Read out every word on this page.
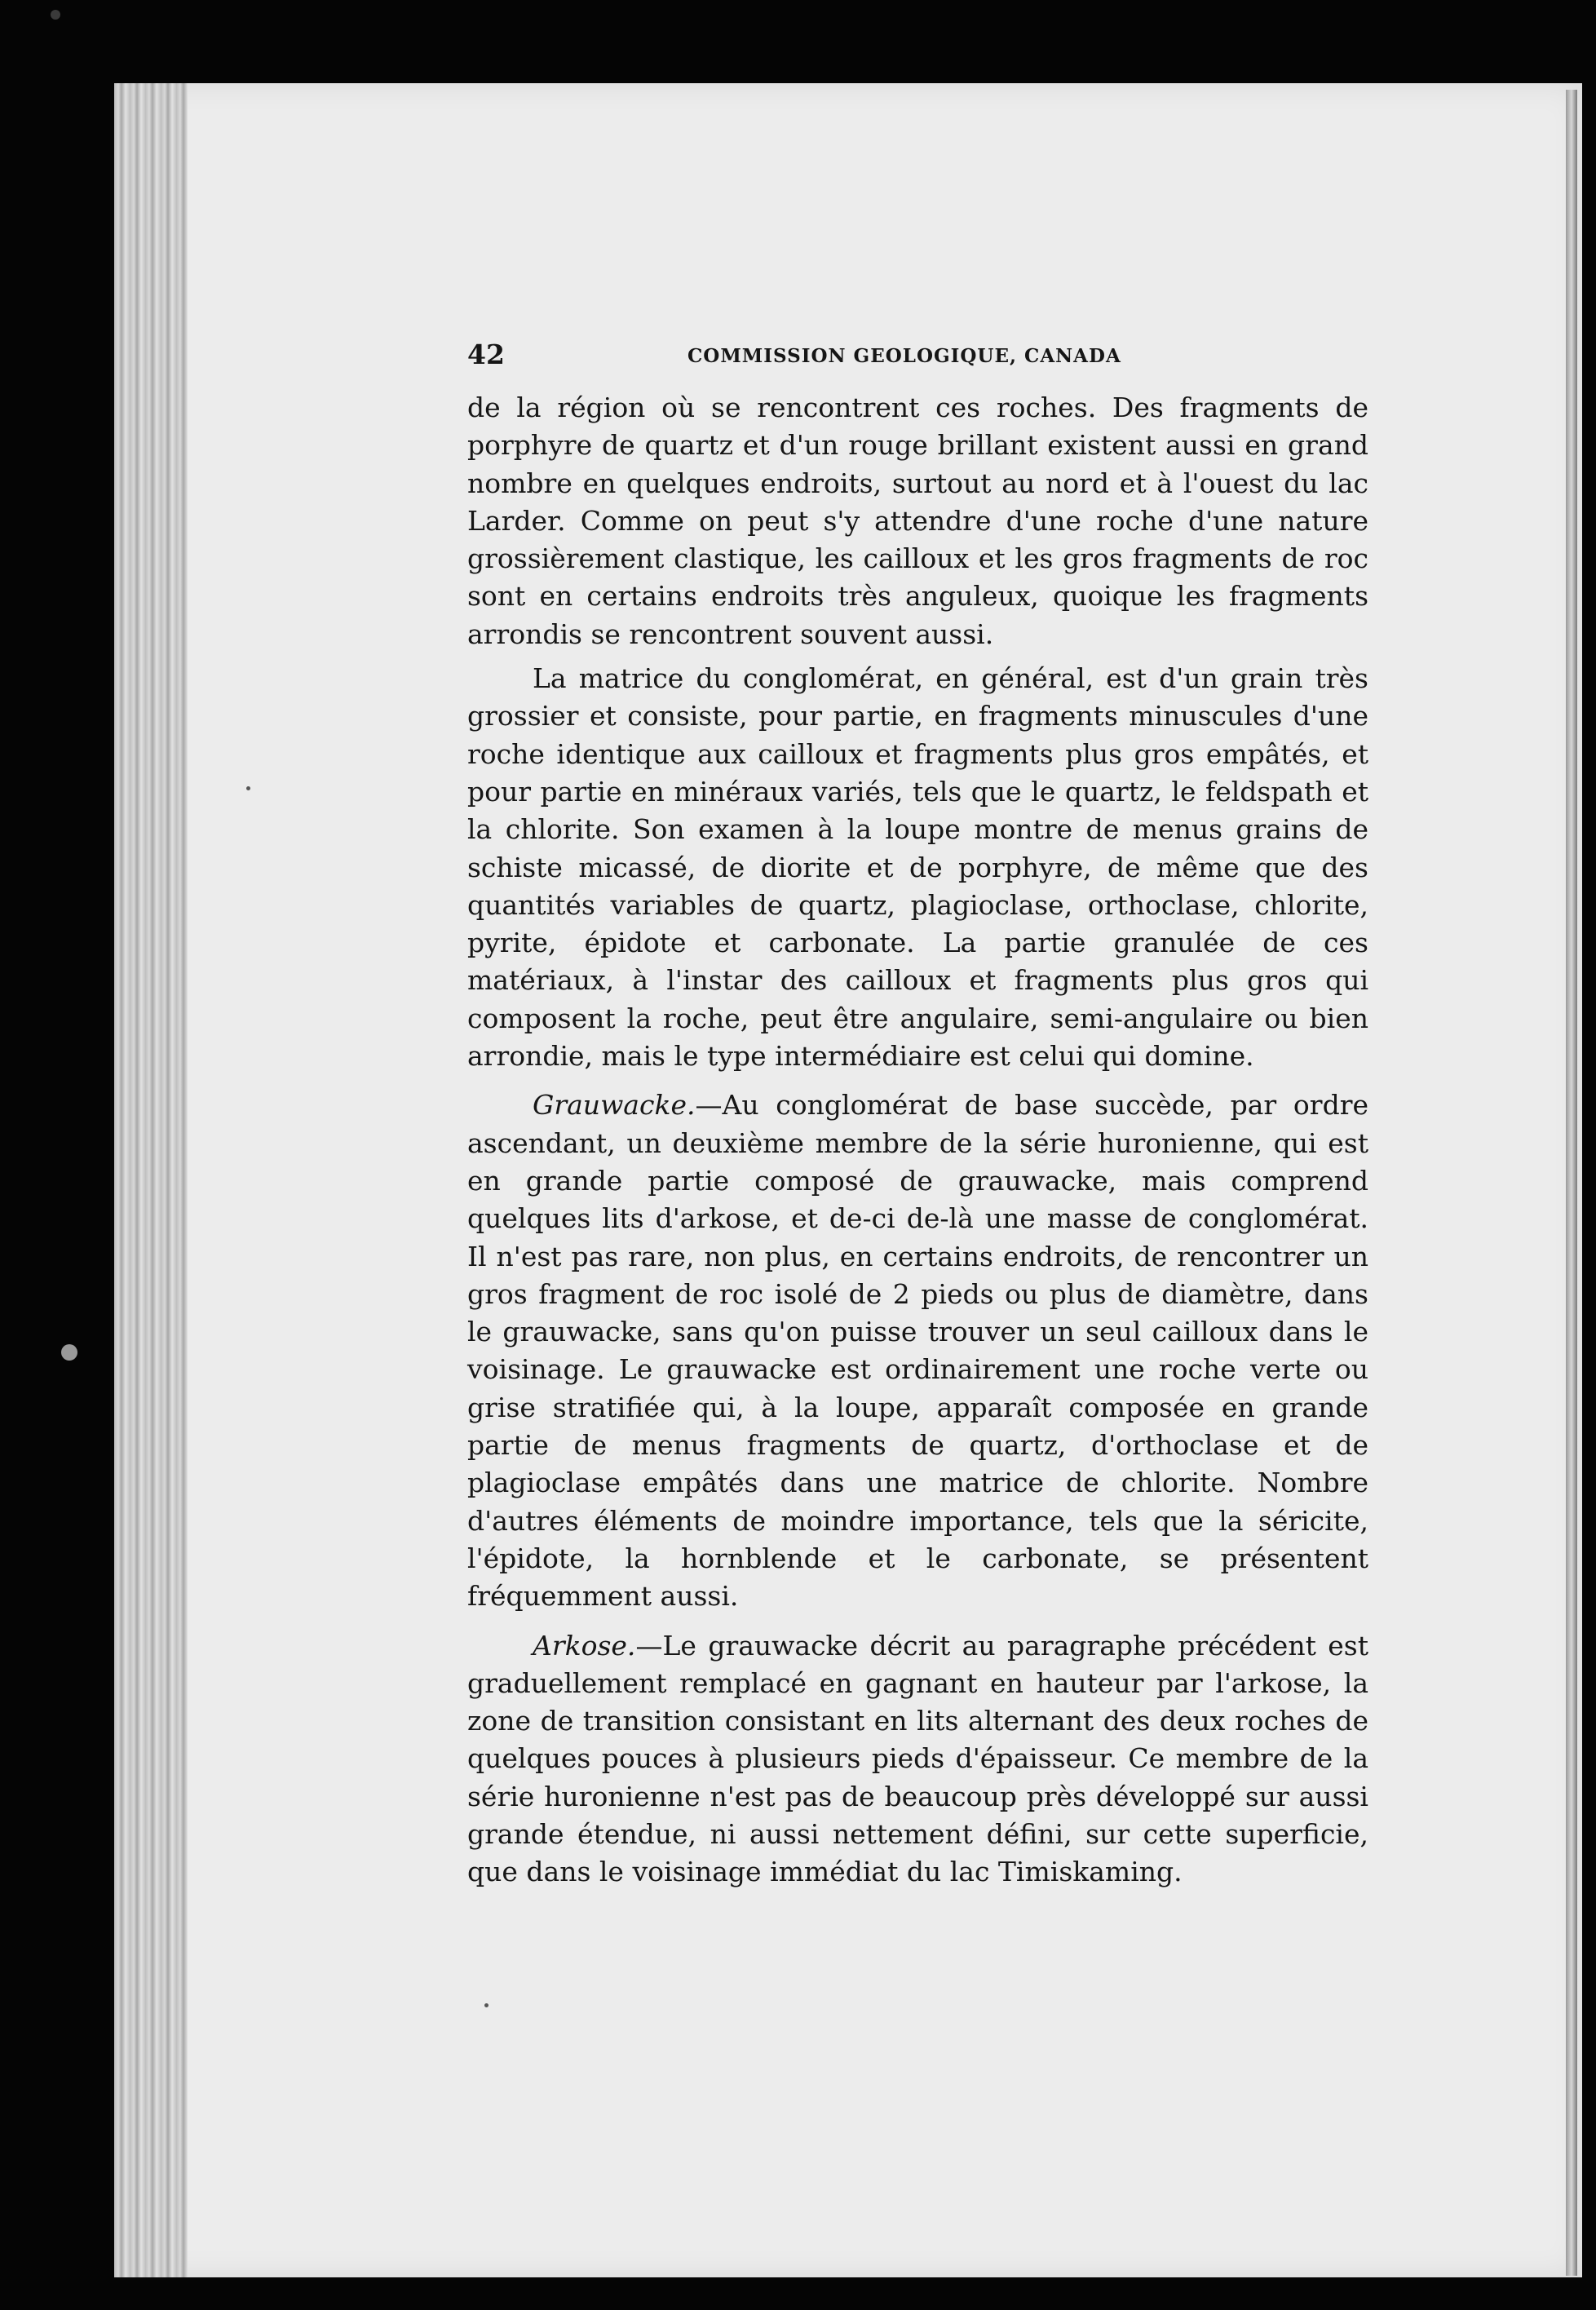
42	COMMISSION GEOLOGIQUE, CANADA

de la région où se rencontrent ces roches. Des fragments de porphyre de quartz et d'un rouge brillant existent aussi en grand nombre en quelques endroits, surtout au nord et à l'ouest du lac Larder. Comme on peut s'y attendre d'une roche d'une nature grossièrement clastique, les cailloux et les gros fragments de roc sont en certains endroits très anguleux, quoique les fragments arrondis se rencontrent souvent aussi.

La matrice du conglomérat, en général, est d'un grain très grossier et consiste, pour partie, en fragments minuscules d'une roche identique aux cailloux et fragments plus gros empâtés, et pour partie en minéraux variés, tels que le quartz, le feldspath et la chlorite. Son examen à la loupe montre de menus grains de schiste micassé, de diorite et de porphyre, de même que des quantités variables de quartz, plagioclase, orthoclase, chlorite, pyrite, épidote et carbonate. La partie granulée de ces matériaux, à l'instar des cailloux et fragments plus gros qui composent la roche, peut être angulaire, semi-angulaire ou bien arrondie, mais le type intermédiaire est celui qui domine.

Grauwacke.—Au conglomérat de base succède, par ordre ascendant, un deuxième membre de la série huronienne, qui est en grande partie composé de grauwacke, mais comprend quelques lits d'arkose, et de-ci de-là une masse de conglomérat. Il n'est pas rare, non plus, en certains endroits, de rencontrer un gros fragment de roc isolé de 2 pieds ou plus de diamètre, dans le grauwacke, sans qu'on puisse trouver un seul cailloux dans le voisinage. Le grauwacke est ordinairement une roche verte ou grise stratifiée qui, à la loupe, apparaît composée en grande partie de menus fragments de quartz, d'orthoclase et de plagioclase empâtés dans une matrice de chlorite. Nombre d'autres éléments de moindre importance, tels que la séricite, l'épidote, la hornblende et le carbonate, se présentent fréquemment aussi.

Arkose.—Le grauwacke décrit au paragraphe précédent est graduellement remplacé en gagnant en hauteur par l'arkose, la zone de transition consistant en lits alternant des deux roches de quelques pouces à plusieurs pieds d'épaisseur. Ce membre de la série huronienne n'est pas de beaucoup près développé sur aussi grande étendue, ni aussi nettement défini, sur cette superficie, que dans le voisinage immédiat du lac Timiskaming.
